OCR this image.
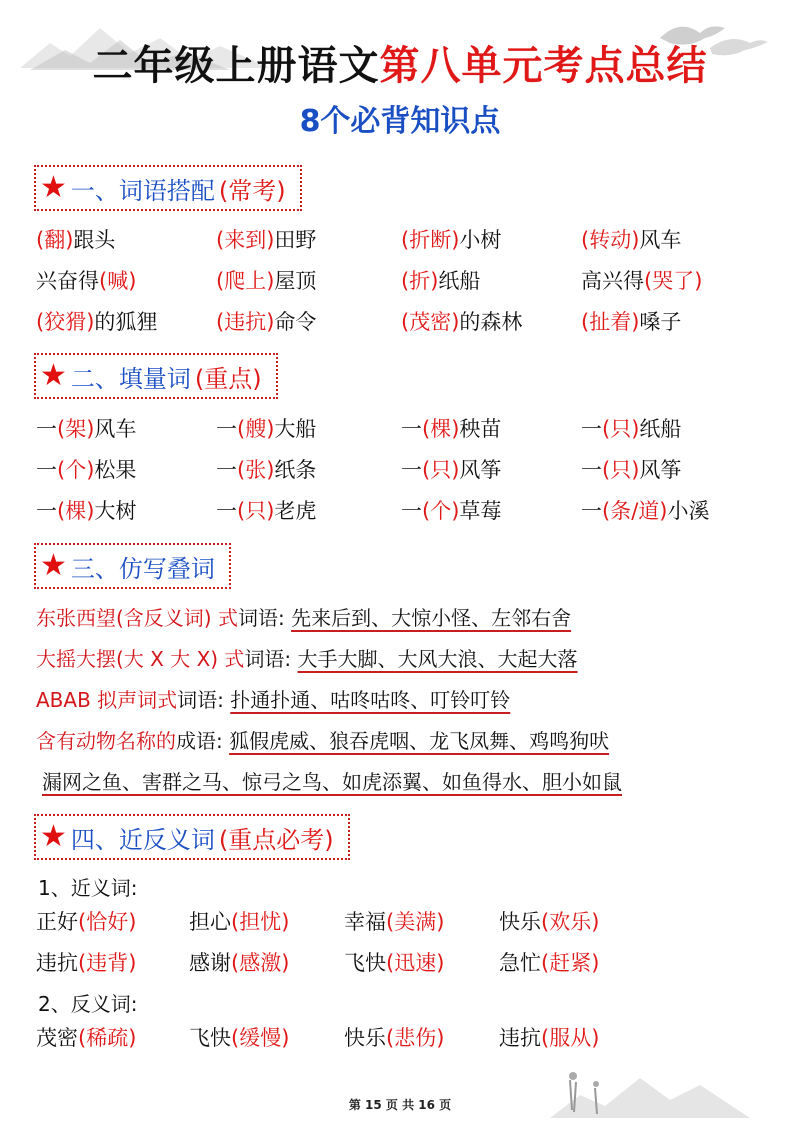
二年级上册语文第八单元考点总结
8个必背知识点
★ 一、词语搭配 (常考)
(翻)跟头	(来到)田野	(折断)小树	(转动)风车
兴奋得(喊)	(爬上)屋顶	(折)纸船	高兴得(哭了)
(狡猾)的狐狸	(违抗)命令	(茂密)的森林	(扯着)嗓子
★ 二、填量词 (重点)
一(架)风车	一(艘)大船	一(棵)秧苗	一(只)纸船
一(个)松果	一(张)纸条	一(只)风筝	一(只)风筝
一(棵)大树	一(只)老虎	一(个)草莓	一(条/道)小溪
★ 三、仿写叠词
东张西望(含反义词) 式 词语:
先来后到、大惊小怪、左邻右舍
大摇大摆(大 X 大 X) 式 词语:
大手大脚、大风大浪、大起大落
ABAB 拟声词式 词语:
扑通扑通、咕咚咕咚、叮铃叮铃
含有动物名称的 成语:
狐假虎威、狼吞虎咽、龙飞凤舞、鸡鸣狗吠
漏网之鱼、害群之马、惊弓之鸟、如虎添翼、如鱼得水、胆小如鼠
★ 四、近反义词 (重点必考)
1、近义词:
正好(恰好)	担心(担忧)	幸福(美满)	快乐(欢乐)
违抗(违背)	感谢(感激)	飞快(迅速)	急忙(赶紧)
2、反义词:
茂密(稀疏)	飞快(缓慢)	快乐(悲伤)	违抗(服从)
第 15 页 共 16 页
